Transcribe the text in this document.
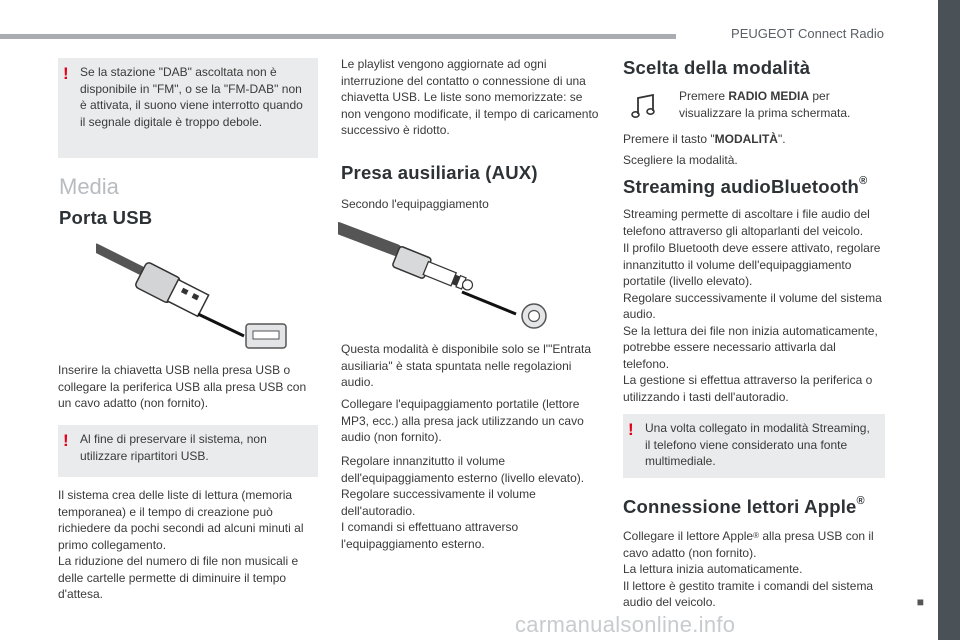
PEUGEOT Connect Radio
! Se la stazione "DAB" ascoltata non è disponibile in "FM", o se la "FM-DAB" non è attivata, il suono viene interrotto quando il segnale digitale è troppo debole.

Media
Porta USB

Inserire la chiavetta USB nella presa USB o collegare la periferica USB alla presa USB con un cavo adatto (non fornito).

! Al fine di preservare il sistema, non utilizzare ripartitori USB.

Il sistema crea delle liste di lettura (memoria temporanea) e il tempo di creazione può richiedere da pochi secondi ad alcuni minuti al primo collegamento.
La riduzione del numero di file non musicali e delle cartelle permette di diminuire il tempo d'attesa.

Le playlist vengono aggiornate ad ogni interruzione del contatto o connessione di una chiavetta USB. Le liste sono memorizzate: se non vengono modificate, il tempo di caricamento successivo è ridotto.

Presa ausiliaria (AUX)

Secondo l'equipaggiamento

Questa modalità è disponibile solo se l'"Entrata ausiliaria" è stata spuntata nelle regolazioni audio.

Collegare l'equipaggiamento portatile (lettore MP3, ecc.) alla presa jack utilizzando un cavo audio (non fornito).

Regolare innanzitutto il volume dell'equipaggiamento esterno (livello elevato).
Regolare successivamente il volume dell'autoradio.
I comandi si effettuano attraverso l'equipaggiamento esterno.

Scelta della modalità

Premere RADIO MEDIA per visualizzare la prima schermata.

Premere il tasto "MODALITÀ".

Scegliere la modalità.

Streaming audioBluetooth®

Streaming permette di ascoltare i file audio del telefono attraverso gli altoparlanti del veicolo.

Il profilo Bluetooth deve essere attivato, regolare innanzitutto il volume dell'equipaggiamento portatile (livello elevato).
Regolare successivamente il volume del sistema audio.
Se la lettura dei file non inizia automaticamente, potrebbe essere necessario attivarla dal telefono.
La gestione si effettua attraverso la periferica o utilizzando i tasti dell'autoradio.

! Una volta collegato in modalità Streaming, il telefono viene considerato una fonte multimediale.

Connessione lettori Apple®

Collegare il lettore Apple® alla presa USB con il cavo adatto (non fornito).
La lettura inizia automaticamente.
Il lettore è gestito tramite i comandi del sistema audio del veicolo.	■
carmanualsonline.info
